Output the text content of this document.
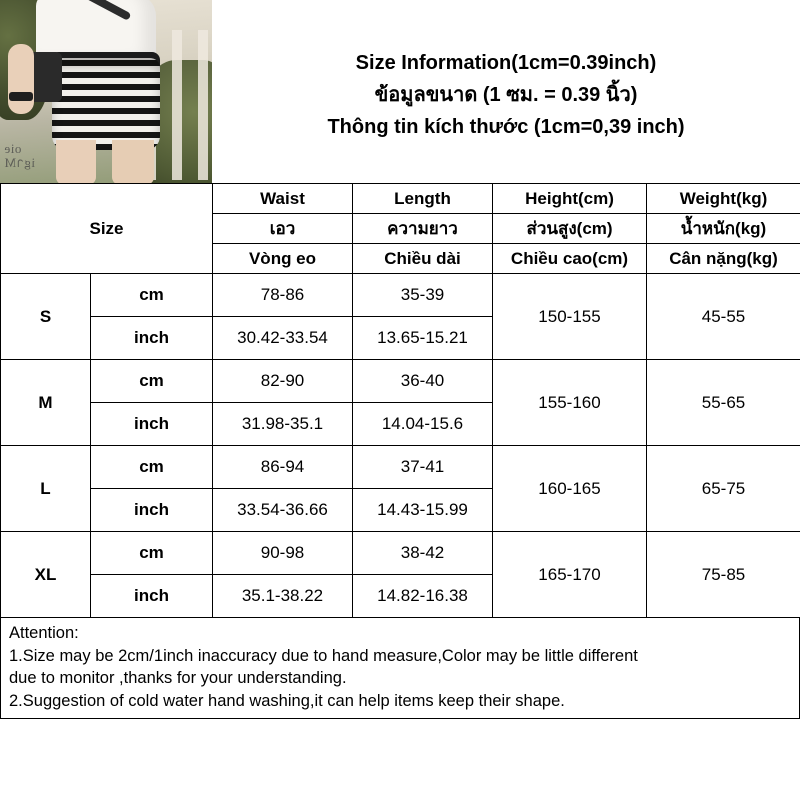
oie
igาM
Size Information(1cm=0.39inch)
ข้อมูลขนาด (1 ซม. = 0.39 นิ้ว)
Thông tin kích thước (1cm=0,39 inch)
Size		Waist	Length	Height(cm)	Weight(kg)
		เอว	ความยาว	ส่วนสูง(cm)	น้ำหนัก(kg)
		Vòng eo	Chiều dài	Chiều cao(cm)	Cân nặng(kg)
S	cm	78-86	35-39	150-155	45-55
	inch	30.42-33.54	13.65-15.21		
M	cm	82-90	36-40	155-160	55-65
	inch	31.98-35.1	14.04-15.6		
L	cm	86-94	37-41	160-165	65-75
	inch	33.54-36.66	14.43-15.99		
XL	cm	90-98	38-42	165-170	75-85
	inch	35.1-38.22	14.82-16.38		

Attention:

1.Size may be 2cm/1inch inaccuracy due to hand measure,Color may be little different

due to monitor ,thanks for your understanding.

2.Suggestion of cold water hand washing,it can help items keep their shape.
